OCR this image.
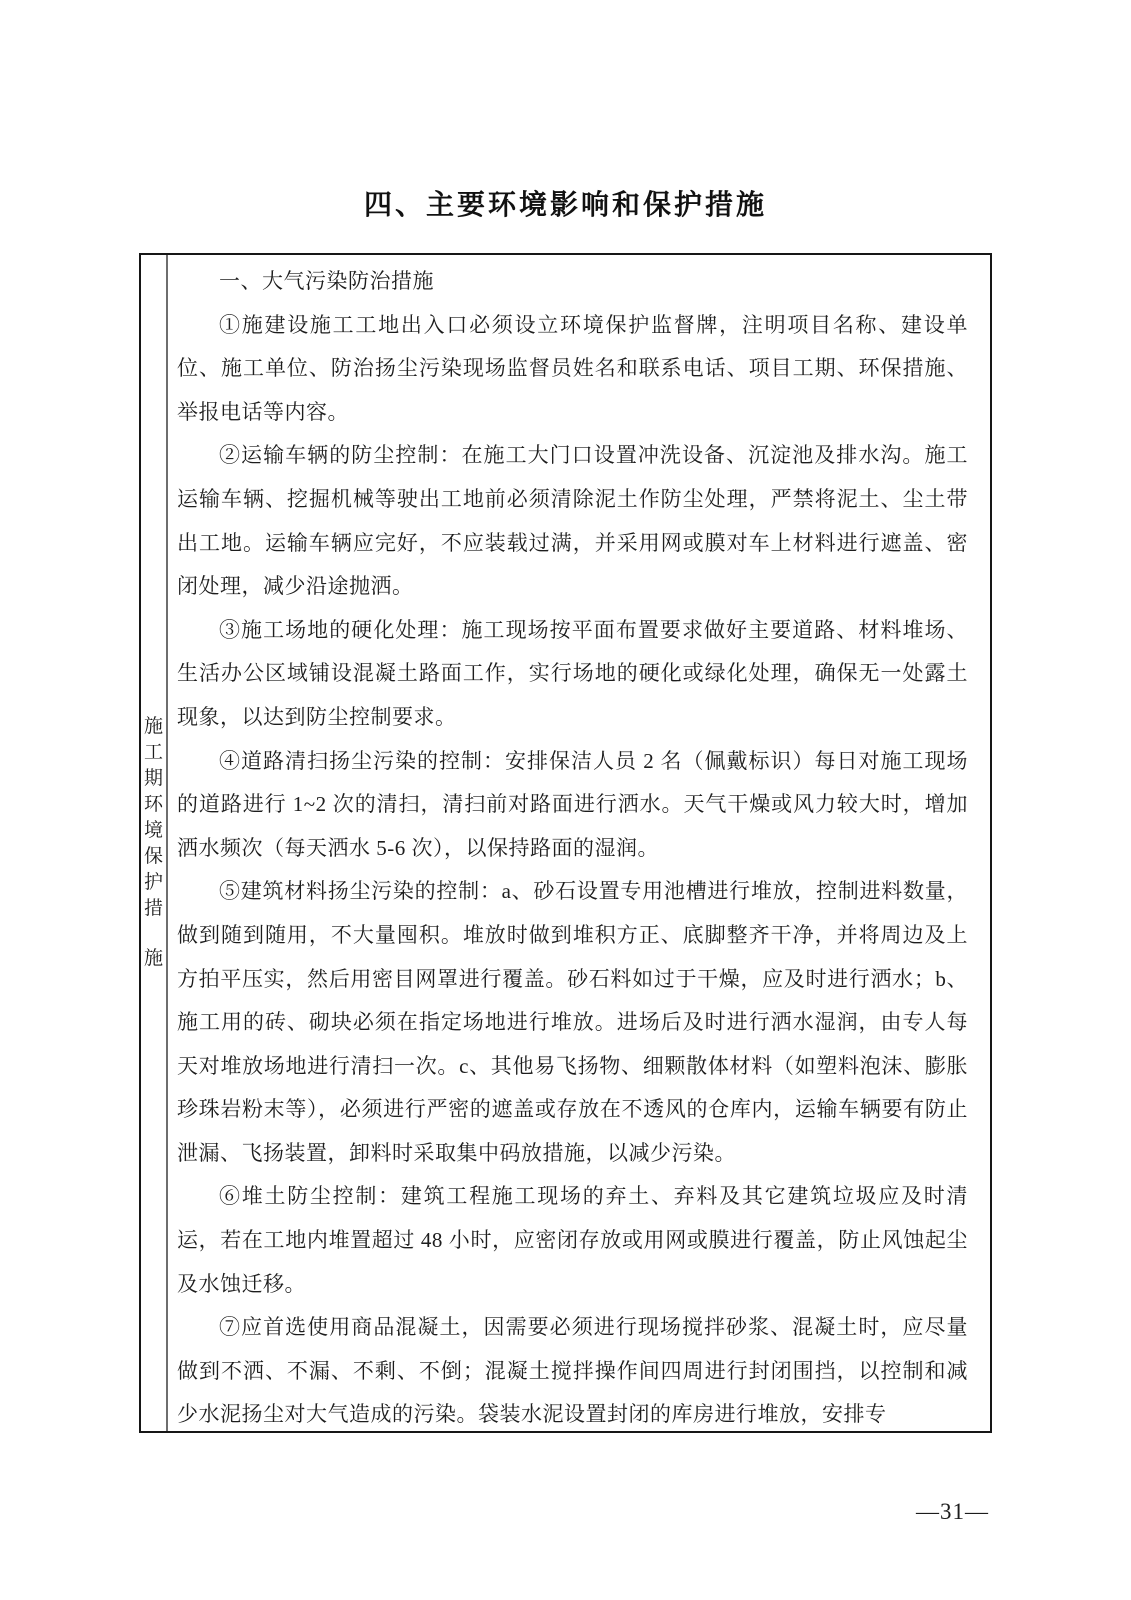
四、主要环境影响和保护措施
施
工
期
环
境
保
护
措
施

一、大气污染防治措施

①施建设施工工地出入口必须设立环境保护监督牌，注明项目名称、建设单位、施工单位、防治扬尘污染现场监督员姓名和联系电话、项目工期、环保措施、举报电话等内容。

②运输车辆的防尘控制：在施工大门口设置冲洗设备、沉淀池及排水沟。施工运输车辆、挖掘机械等驶出工地前必须清除泥土作防尘处理，严禁将泥土、尘土带出工地。运输车辆应完好，不应装载过满，并采用网或膜对车上材料进行遮盖、密闭处理，减少沿途抛洒。

③施工场地的硬化处理：施工现场按平面布置要求做好主要道路、材料堆场、生活办公区域铺设混凝土路面工作，实行场地的硬化或绿化处理，确保无一处露土现象，以达到防尘控制要求。

④道路清扫扬尘污染的控制：安排保洁人员 2 名（佩戴标识）每日对施工现场的道路进行 1~2 次的清扫，清扫前对路面进行洒水。天气干燥或风力较大时，增加洒水频次（每天洒水 5-6 次），以保持路面的湿润。

⑤建筑材料扬尘污染的控制：a、砂石设置专用池槽进行堆放，控制进料数量，做到随到随用，不大量囤积。堆放时做到堆积方正、底脚整齐干净，并将周边及上方拍平压实，然后用密目网罩进行覆盖。砂石料如过于干燥，应及时进行洒水；b、施工用的砖、砌块必须在指定场地进行堆放。进场后及时进行洒水湿润，由专人每天对堆放场地进行清扫一次。c、其他易飞扬物、细颗散体材料（如塑料泡沫、膨胀珍珠岩粉末等），必须进行严密的遮盖或存放在不透风的仓库内，运输车辆要有防止泄漏、飞扬装置，卸料时采取集中码放措施，以减少污染。

⑥堆土防尘控制：建筑工程施工现场的弃土、弃料及其它建筑垃圾应及时清运，若在工地内堆置超过 48 小时，应密闭存放或用网或膜进行覆盖，防止风蚀起尘及水蚀迁移。

⑦应首选使用商品混凝土，因需要必须进行现场搅拌砂浆、混凝土时，应尽量做到不洒、不漏、不剩、不倒；混凝土搅拌操作间四周进行封闭围挡，以控制和减少水泥扬尘对大气造成的污染。袋装水泥设置封闭的库房进行堆放，安排专

—31—
